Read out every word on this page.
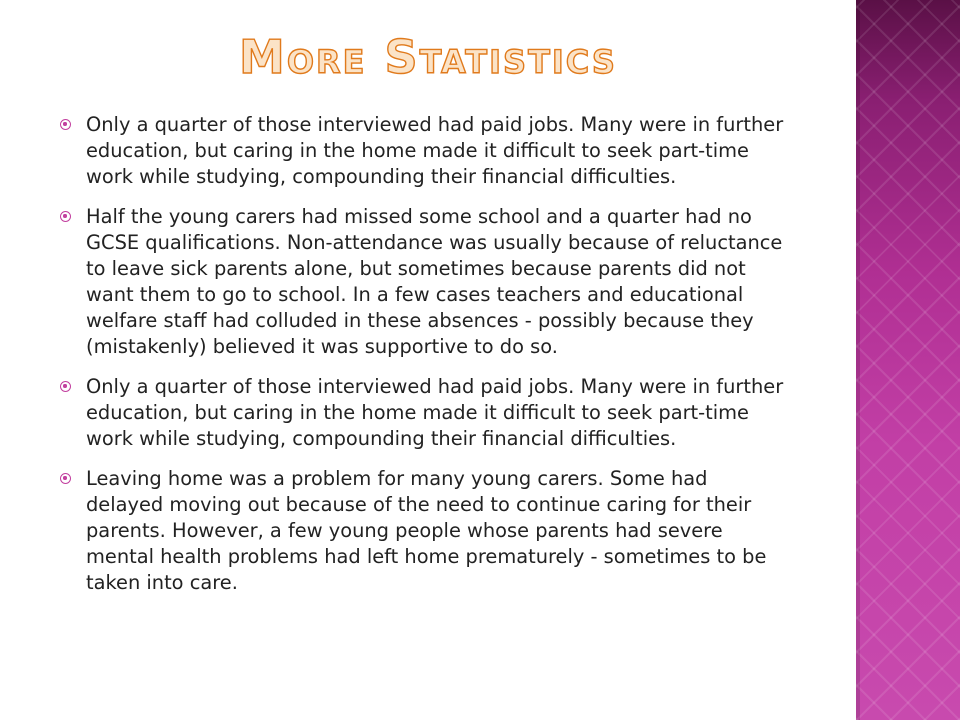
More Statistics
Only a quarter of those interviewed had paid jobs. Many were in further education, but caring in the home made it difficult to seek part-time work while studying, compounding their financial difficulties.
Half the young carers had missed some school and a quarter had no GCSE qualifications. Non-attendance was usually because of reluctance to leave sick parents alone, but sometimes because parents did not want them to go to school. In a few cases teachers and educational welfare staff had colluded in these absences - possibly because they (mistakenly) believed it was supportive to do so.
Only a quarter of those interviewed had paid jobs. Many were in further education, but caring in the home made it difficult to seek part-time work while studying, compounding their financial difficulties.
Leaving home was a problem for many young carers. Some had delayed moving out because of the need to continue caring for their parents. However, a few young people whose parents had severe mental health problems had left home prematurely - sometimes to be taken into care.
